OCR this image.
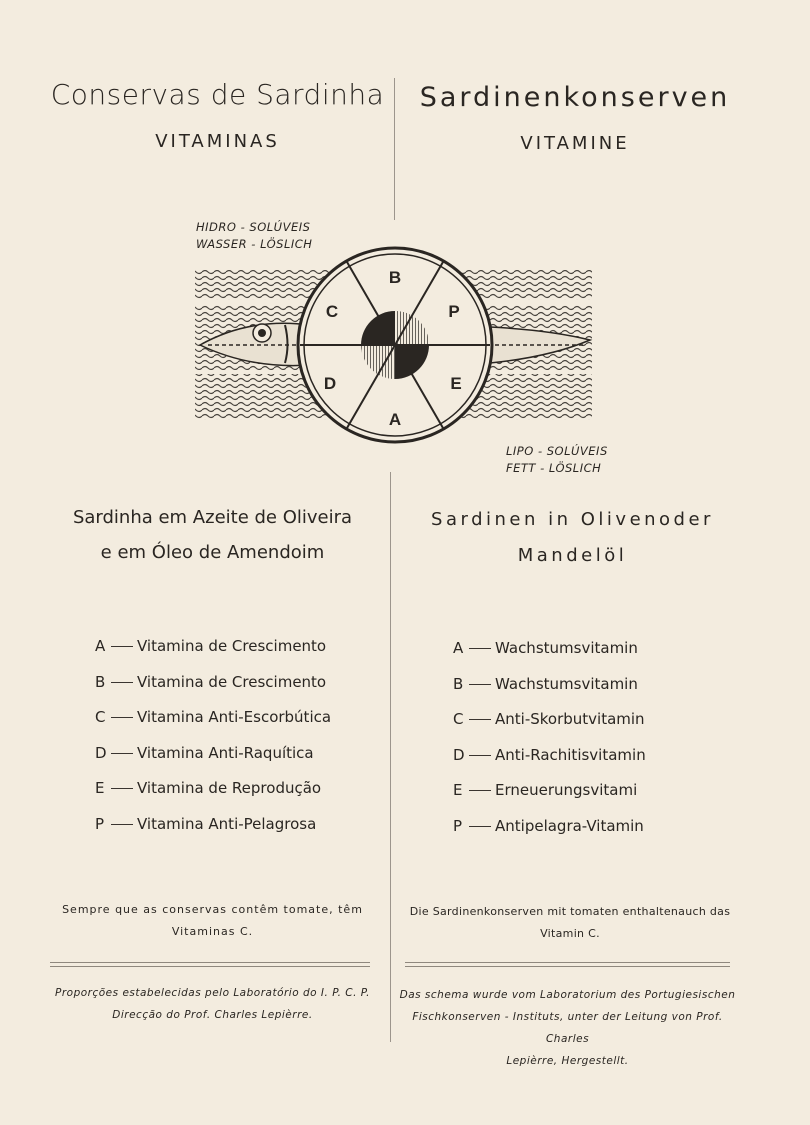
Conservas de Sardinha
VITAMINAS
Sardinenkonserven
VITAMINE
HIDRO - SOLÚVEIS
WASSER - LÖSLICH
LIPO - SOLÚVEIS
FETT - LÖSLICH
B
P
E
A
D
C
Sardinha em Azeite de Oliveira
e em Óleo de Amendoim
Sardinen in Olivenoder
Mandelöl
A Vitamina de Crescimento
B Vitamina de Crescimento
C Vitamina Anti-Escorbútica
D Vitamina Anti-Raquítica
E Vitamina de Reprodução
P Vitamina Anti-Pelagrosa
A Wachstumsvitamin
B Wachstumsvitamin
C Anti-Skorbutvitamin
D Anti-Rachitisvitamin
E Erneuerungsvitami
P Antipelagra-Vitamin
Sempre que as conservas contêm tomate, têm
Vitaminas C.
Die Sardinenkonserven mit tomaten enthaltenauch das
Vitamin C.
Proporções estabelecidas pelo Laboratório do I. P. C. P.
Direcção do Prof. Charles Lepièrre.
Das schema wurde vom Laboratorium des Portugiesischen
Fischkonserven - Instituts, unter der Leitung von Prof. Charles
Lepièrre, Hergestellt.
